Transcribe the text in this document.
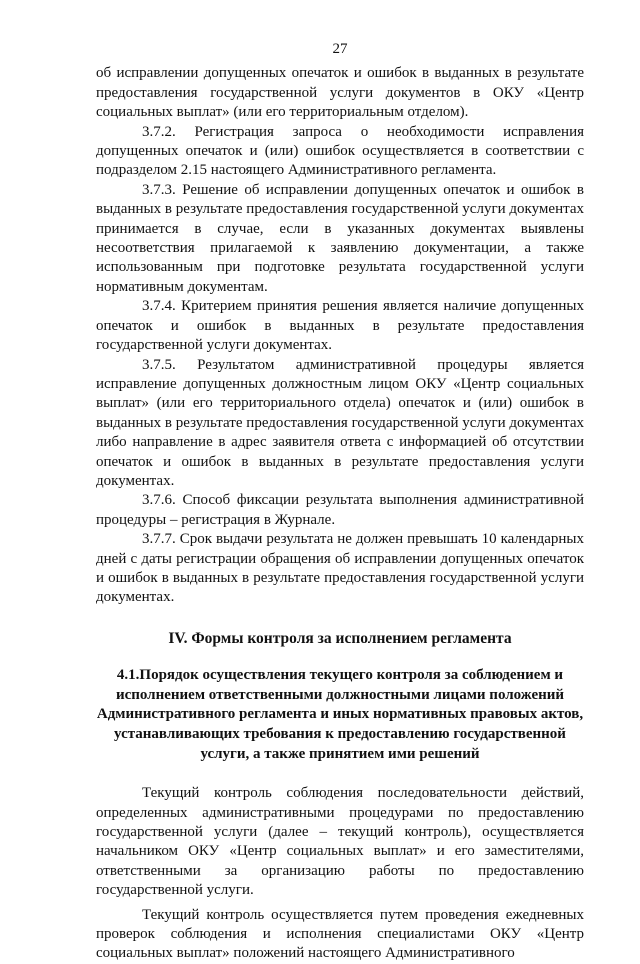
27

об исправлении допущенных опечаток и ошибок в выданных в результате предоставления государственной услуги документов в ОКУ «Центр социальных выплат» (или его территориальным отделом).

3.7.2. Регистрация запроса о необходимости исправления допущенных опечаток и (или) ошибок осуществляется в соответствии с подразделом 2.15 настоящего Административного регламента.

3.7.3. Решение об исправлении допущенных опечаток и ошибок в выданных в результате предоставления государственной услуги документах принимается в случае, если в указанных документах выявлены несоответствия прилагаемой к заявлению документации, а также использованным при подготовке результата государственной услуги нормативным документам.

3.7.4. Критерием принятия решения является наличие допущенных опечаток и ошибок в выданных в результате предоставления государственной услуги документах.

3.7.5. Результатом административной процедуры является исправление допущенных должностным лицом ОКУ «Центр социальных выплат» (или его территориального отдела) опечаток и (или) ошибок в выданных в результате предоставления государственной услуги документах либо направление в адрес заявителя ответа с информацией об отсутствии опечаток и ошибок в выданных в результате предоставления услуги документах.

3.7.6. Способ фиксации результата выполнения административной процедуры – регистрация в Журнале.

3.7.7. Срок выдачи результата не должен превышать 10 календарных дней с даты регистрации обращения об исправлении допущенных опечаток и ошибок в выданных в результате предоставления государственной услуги документах.

IV. Формы контроля за исполнением регламента
4.1.Порядок осуществления текущего контроля за соблюдением и исполнением ответственными должностными лицами положений Административного регламента и иных нормативных правовых актов, устанавливающих требования к предоставлению государственной услуги, а также принятием ими решений

Текущий контроль соблюдения последовательности действий, определенных административными процедурами по предоставлению государственной услуги (далее – текущий контроль), осуществляется начальником ОКУ «Центр социальных выплат» и его заместителями, ответственными за организацию работы по предоставлению государственной услуги.

Текущий контроль осуществляется путем проведения ежедневных проверок соблюдения и исполнения специалистами ОКУ «Центр социальных выплат» положений настоящего Административного
